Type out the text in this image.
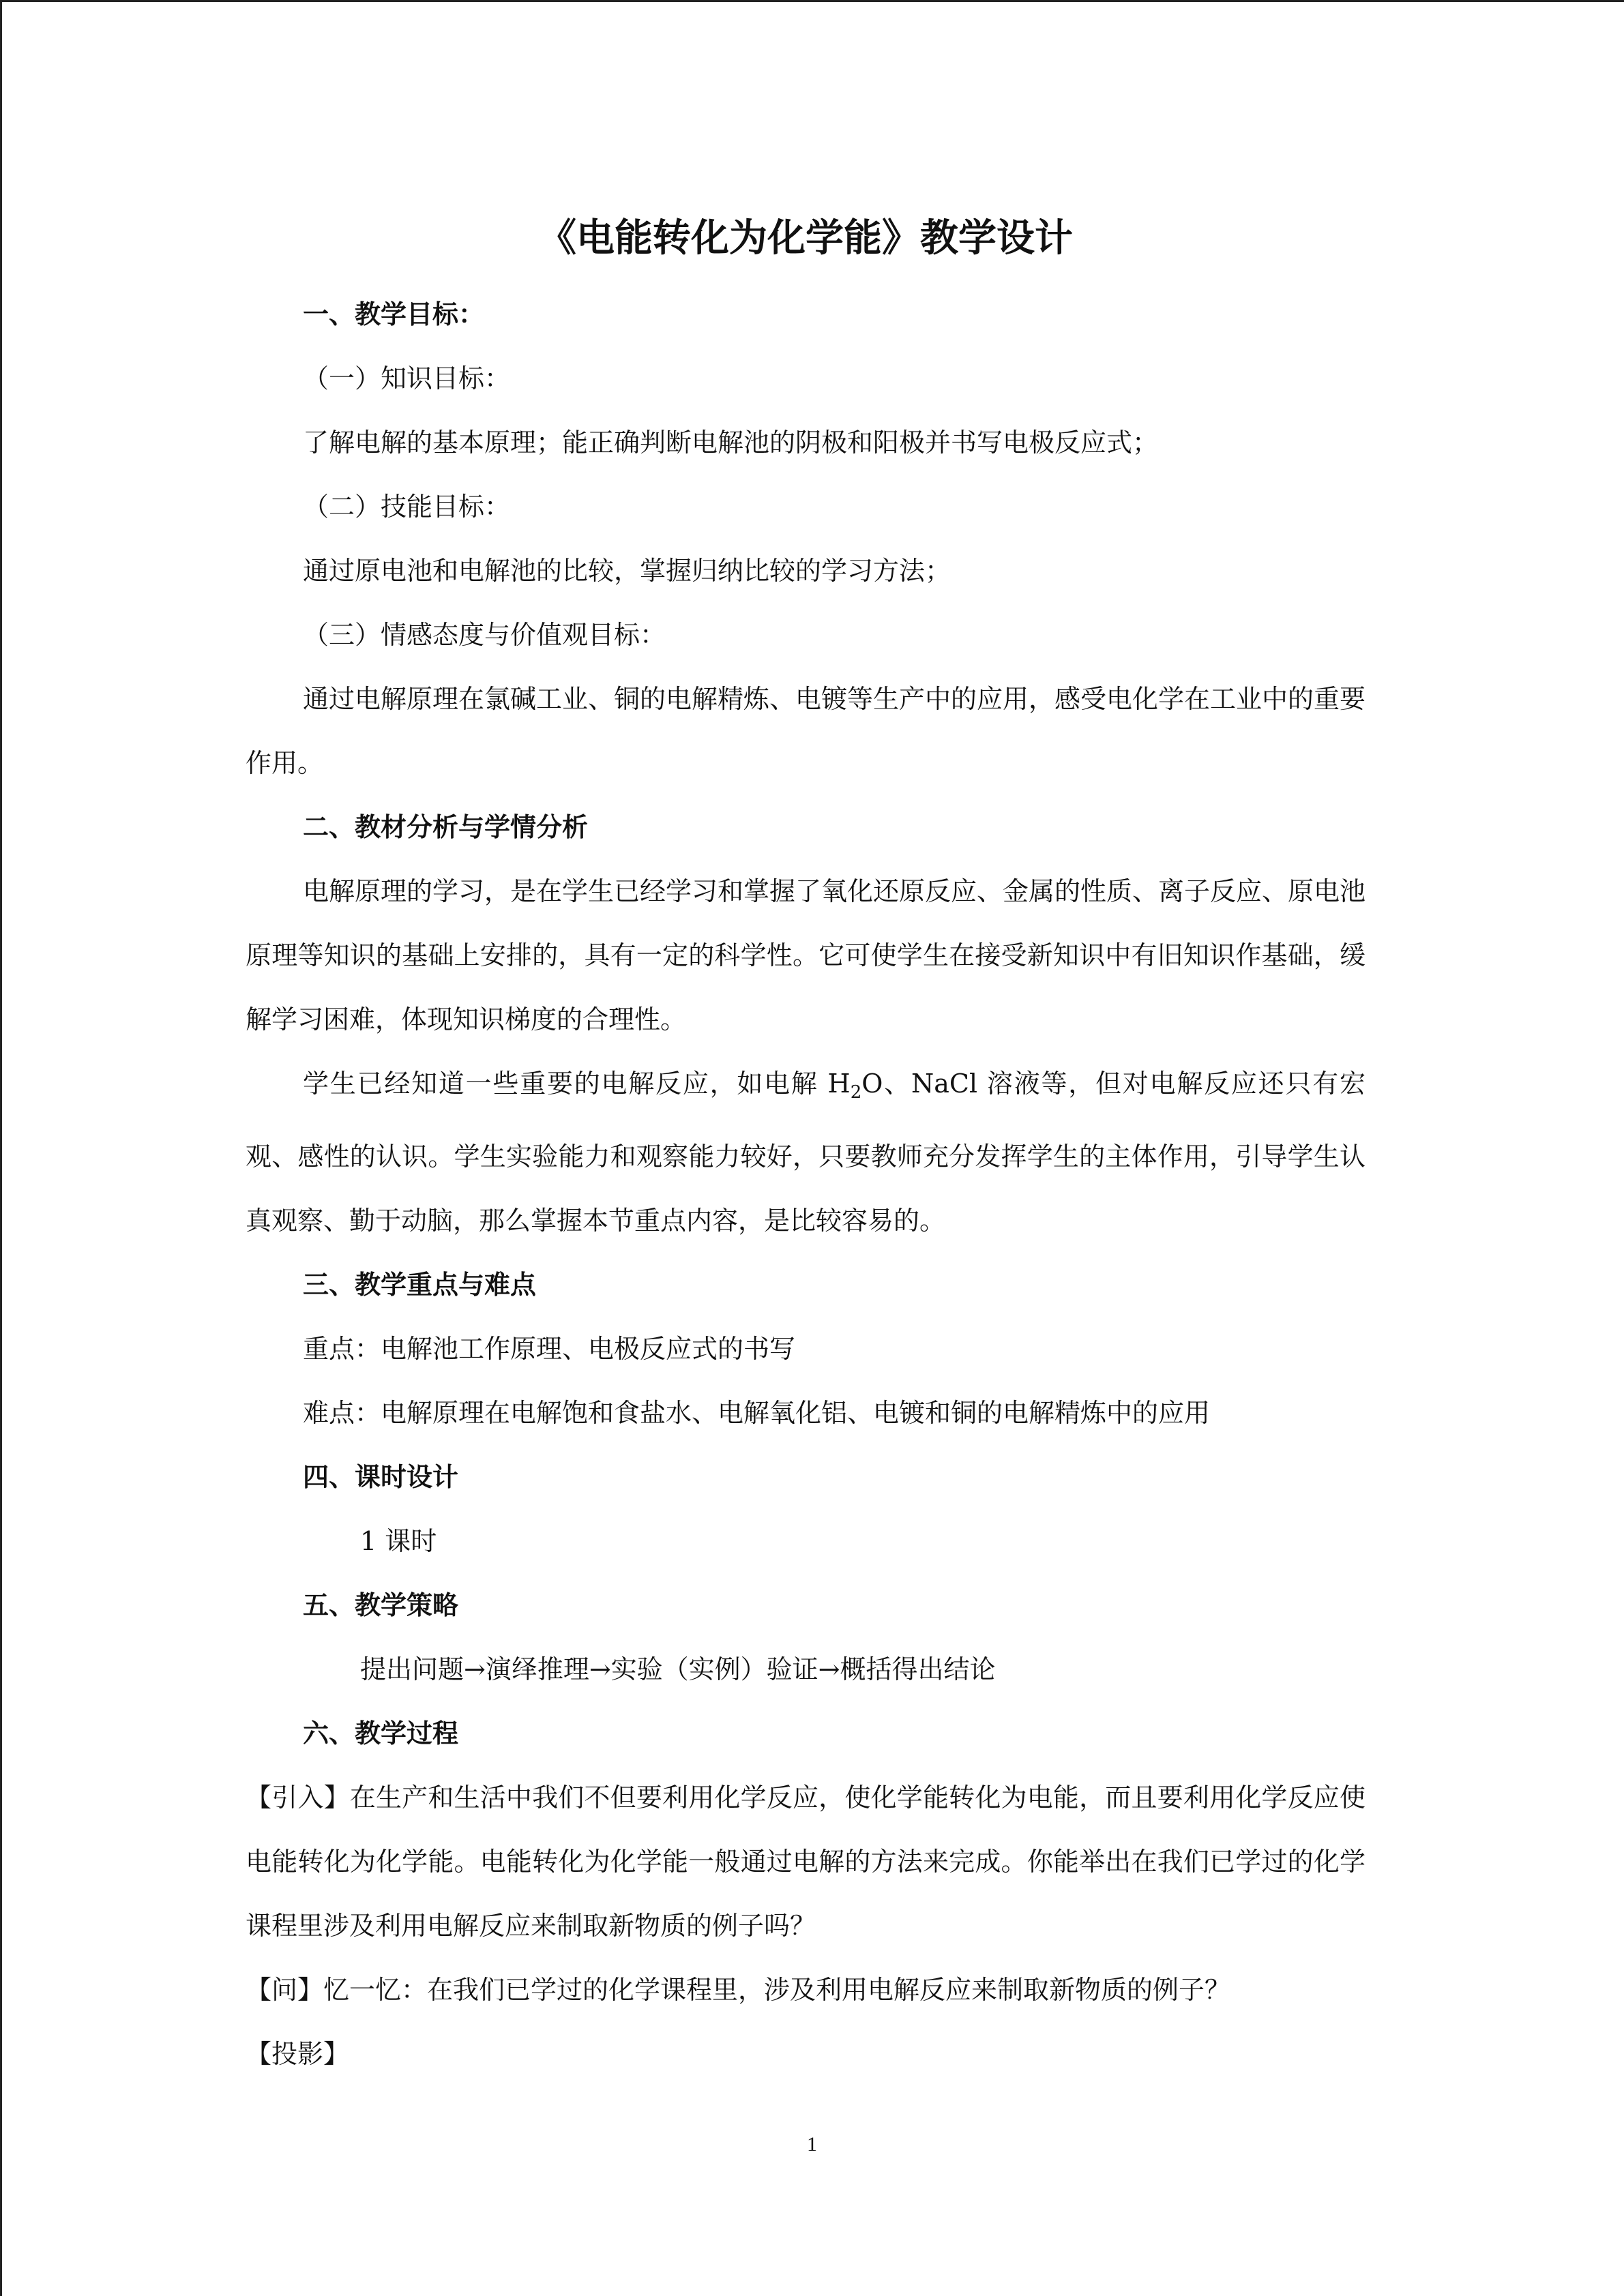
《电能转化为化学能》教学设计

一、教学目标：

（一）知识目标：

了解电解的基本原理；能正确判断电解池的阴极和阳极并书写电极反应式；

（二）技能目标：

通过原电池和电解池的比较，掌握归纳比较的学习方法；

（三）情感态度与价值观目标：

通过电解原理在氯碱工业、铜的电解精炼、电镀等生产中的应用，感受电化学在工业中的重要作用。

二、教材分析与学情分析

电解原理的学习，是在学生已经学习和掌握了氧化还原反应、金属的性质、离子反应、原电池原理等知识的基础上安排的，具有一定的科学性。它可使学生在接受新知识中有旧知识作基础，缓解学习困难，体现知识梯度的合理性。

学生已经知道一些重要的电解反应，如电解 $H_2O$、NaCl 溶液等，但对电解反应还只有宏观、感性的认识。学生实验能力和观察能力较好，只要教师充分发挥学生的主体作用，引导学生认真观察、勤于动脑，那么掌握本节重点内容，是比较容易的。

三、教学重点与难点

重点：电解池工作原理、电极反应式的书写

难点：电解原理在电解饱和食盐水、电解氧化铝、电镀和铜的电解精炼中的应用

四、课时设计

1 课时

五、教学策略

提出问题→演绎推理→实验（实例）验证→概括得出结论

六、教学过程

【引入】在生产和生活中我们不但要利用化学反应，使化学能转化为电能，而且要利用化学反应使电能转化为化学能。电能转化为化学能一般通过电解的方法来完成。你能举出在我们已学过的化学课程里涉及利用电解反应来制取新物质的例子吗？

【问】忆一忆：在我们已学过的化学课程里，涉及利用电解反应来制取新物质的例子？

【投影】

1
